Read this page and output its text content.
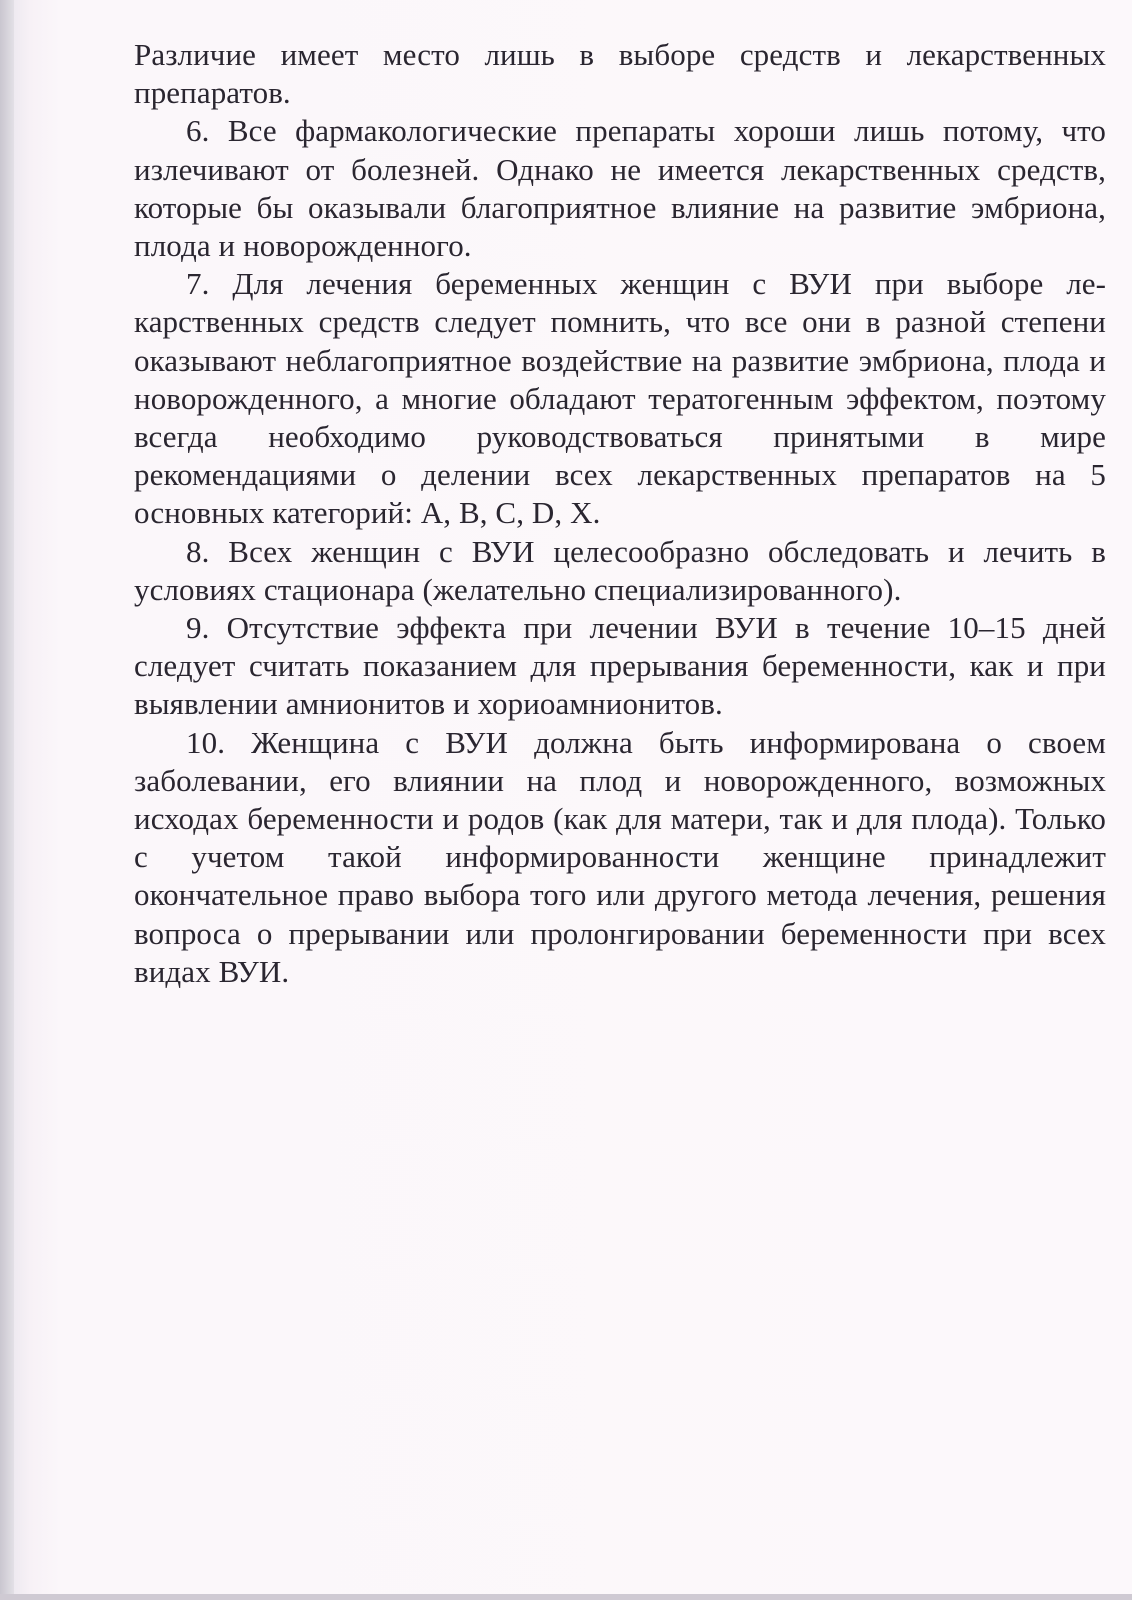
Различие имеет место лишь в выборе средств и лекарственных препаратов.

6. Все фармакологические препараты хороши лишь потому, что излечивают от болезней. Однако не имеется лекарственных средств, которые бы оказывали благоприятное влияние на развитие эмбриона, плода и новорожденного.

7. Для лечения беременных женщин с ВУИ при выборе лекарственных средств следует помнить, что все они в разной степени оказывают неблагоприятное воздействие на развитие эмбриона, плода и новорожденного, а многие обладают тератогенным эффектом, поэтому всегда необходимо руководствоваться принятыми в мире рекомендациями о делении всех лекарственных препаратов на 5 основных категорий: А, В, С, D, X.

8. Всех женщин с ВУИ целесообразно обследовать и лечить в условиях стационара (желательно специализированного).

9. Отсутствие эффекта при лечении ВУИ в течение 10–15 дней следует считать показанием для прерывания беременности, как и при выявлении амнионитов и хориоамнионитов.

10. Женщина с ВУИ должна быть информирована о своем заболевании, его влиянии на плод и новорожденного, возможных исходах беременности и родов (как для матери, так и для плода). Только с учетом такой информированности женщине принадлежит окончательное право выбора того или другого метода лечения, решения вопроса о прерывании или пролонгировании беременности при всех видах ВУИ.
